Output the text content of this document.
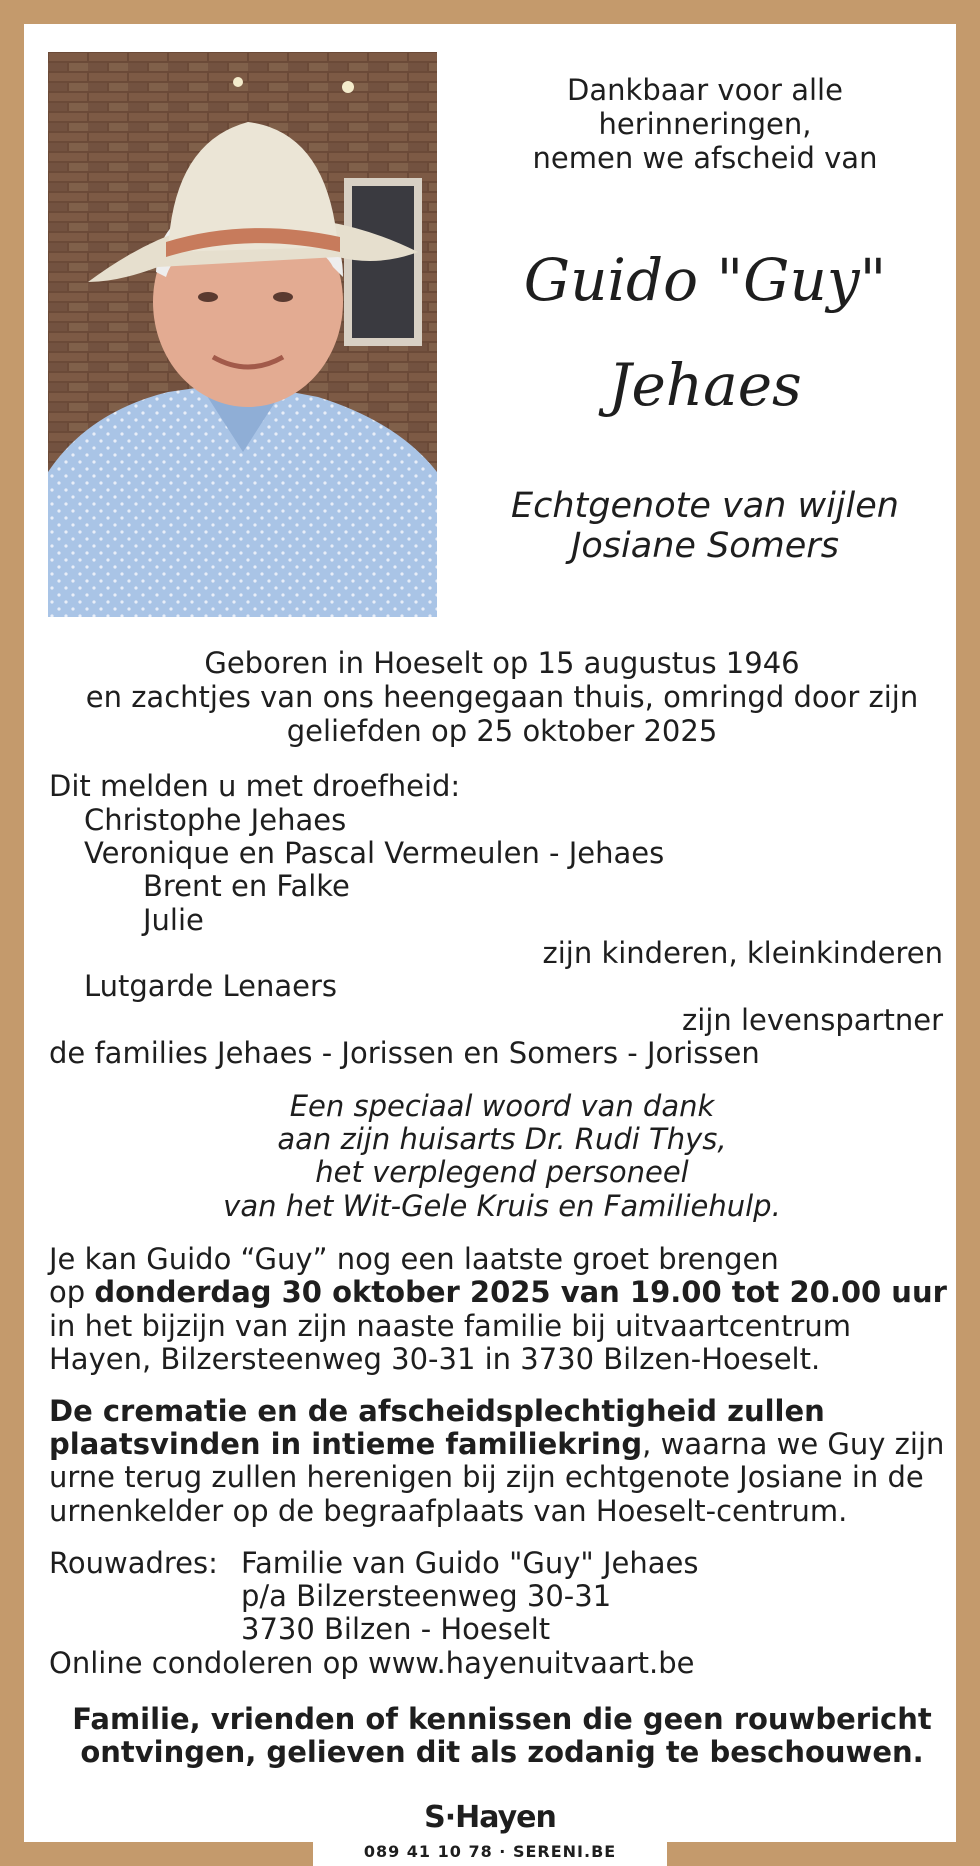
Dankbaar voor alle

herinneringen,

nemen we afscheid van

Guido "Guy"
Jehaes

Echtgenote van wijlen

Josiane Somers

Geboren in Hoeselt op 15 augustus 1946

en zachtjes van ons heengegaan thuis, omringd door zijn

geliefden op 25 oktober 2025

Dit melden u met droefheid:

Christophe Jehaes

Veronique en Pascal Vermeulen - Jehaes

Brent en Falke

Julie

zijn kinderen, kleinkinderen

Lutgarde Lenaers

zijn levenspartner

de families Jehaes - Jorissen en Somers - Jorissen

Een speciaal woord van dank

aan zijn huisarts Dr. Rudi Thys,

het verplegend personeel

van het Wit-Gele Kruis en Familiehulp.

Je kan Guido “Guy” nog een laatste groet brengen

op donderdag 30 oktober 2025 van 19.00 tot 20.00 uur

in het bijzijn van zijn naaste familie bij uitvaartcentrum

Hayen, Bilzersteenweg 30-31 in 3730 Bilzen-Hoeselt.

De crematie en de afscheidsplechtigheid zullen

plaatsvinden in intieme familiekring, waarna we Guy zijn

urne terug zullen herenigen bij zijn echtgenote Josiane in de

urnenkelder op de begraafplaats van Hoeselt-centrum.

Rouwadres: Familie van Guido "Guy" Jehaes

p/a Bilzersteenweg 30-31

3730 Bilzen - Hoeselt

Online condoleren op www.hayenuitvaart.be

Familie, vrienden of kennissen die geen rouwbericht

ontvingen, gelieven dit als zodanig te beschouwen.

S·Hayen
089 41 10 78 · SERENI.BE
